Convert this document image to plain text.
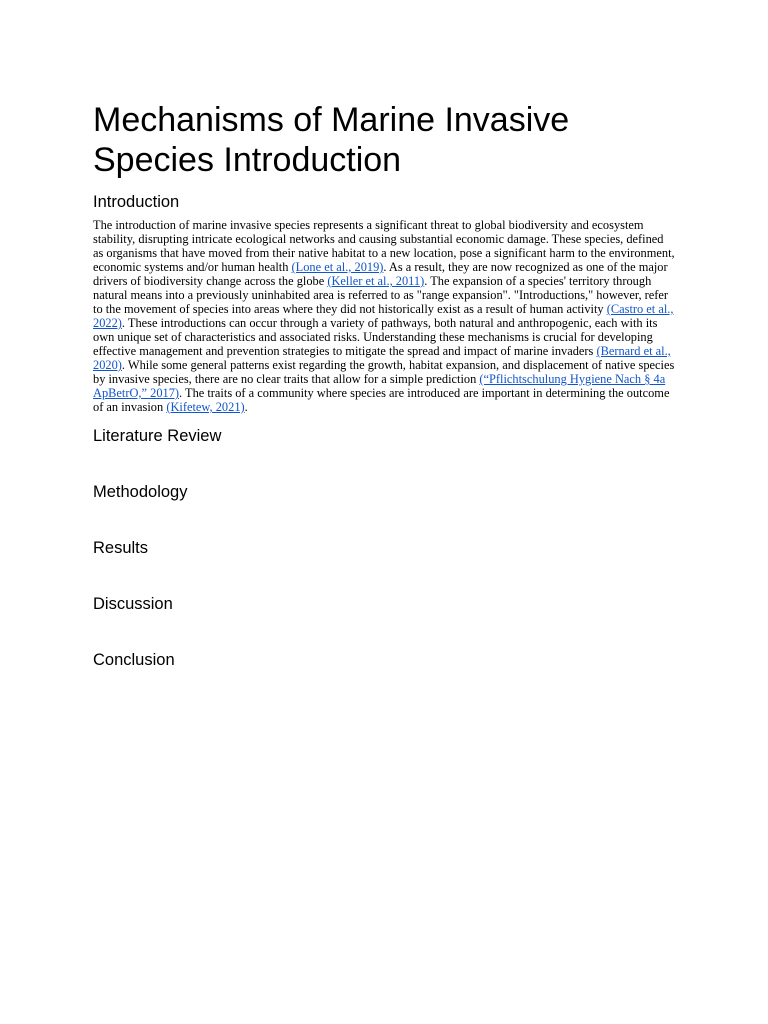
Mechanisms of Marine Invasive Species Introduction
Introduction

The introduction of marine invasive species represents a significant threat to global biodiversity and ecosystem stability, disrupting intricate ecological networks and causing substantial economic damage. These species, defined as organisms that have moved from their native habitat to a new location, pose a significant harm to the environment, economic systems and/or human health (Lone et al., 2019). As a result, they are now recognized as one of the major drivers of biodiversity change across the globe (Keller et al., 2011). The expansion of a species' territory through natural means into a previously uninhabited area is referred to as "range expansion". "Introductions," however, refer to the movement of species into areas where they did not historically exist as a result of human activity (Castro et al., 2022). These introductions can occur through a variety of pathways, both natural and anthropogenic, each with its own unique set of characteristics and associated risks. Understanding these mechanisms is crucial for developing effective management and prevention strategies to mitigate the spread and impact of marine invaders (Bernard et al., 2020). While some general patterns exist regarding the growth, habitat expansion, and displacement of native species by invasive species, there are no clear traits that allow for a simple prediction (“Pflichtschulung Hygiene Nach § 4a ApBetrO,” 2017). The traits of a community where species are introduced are important in determining the outcome of an invasion (Kifetew, 2021).

Literature Review
Methodology
Results
Discussion
Conclusion
